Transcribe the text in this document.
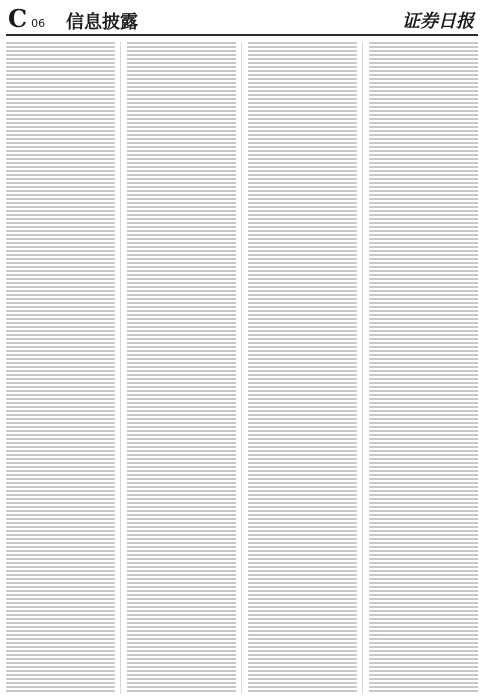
C 06 信息披露	证券日报
